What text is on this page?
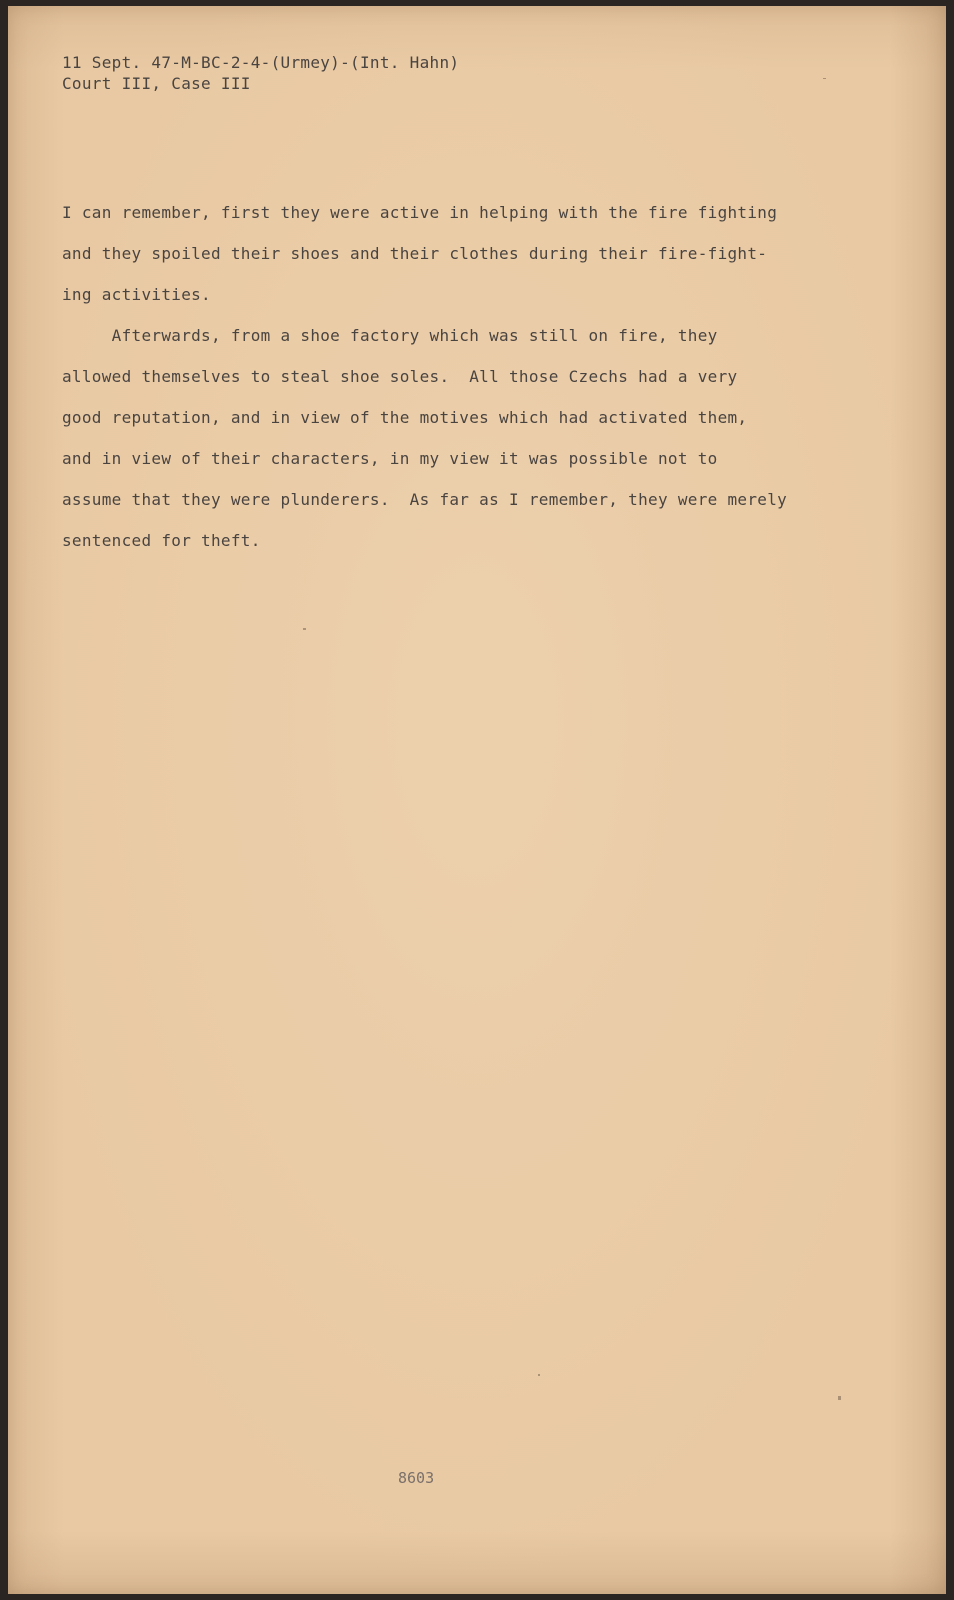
11 Sept. 47-M-BC-2-4-(Urmey)-(Int. Hahn)
Court III, Case III
I can remember, first they were active in helping with the fire fighting
and they spoiled their shoes and their clothes during their fire-fight-
ing activities.
Afterwards, from a shoe factory which was still on fire, they
allowed themselves to steal shoe soles.  All those Czechs had a very
good reputation, and in view of the motives which had activated them,
and in view of their characters, in my view it was possible not to
assume that they were plunderers.  As far as I remember, they were merely
sentenced for theft.
8603
